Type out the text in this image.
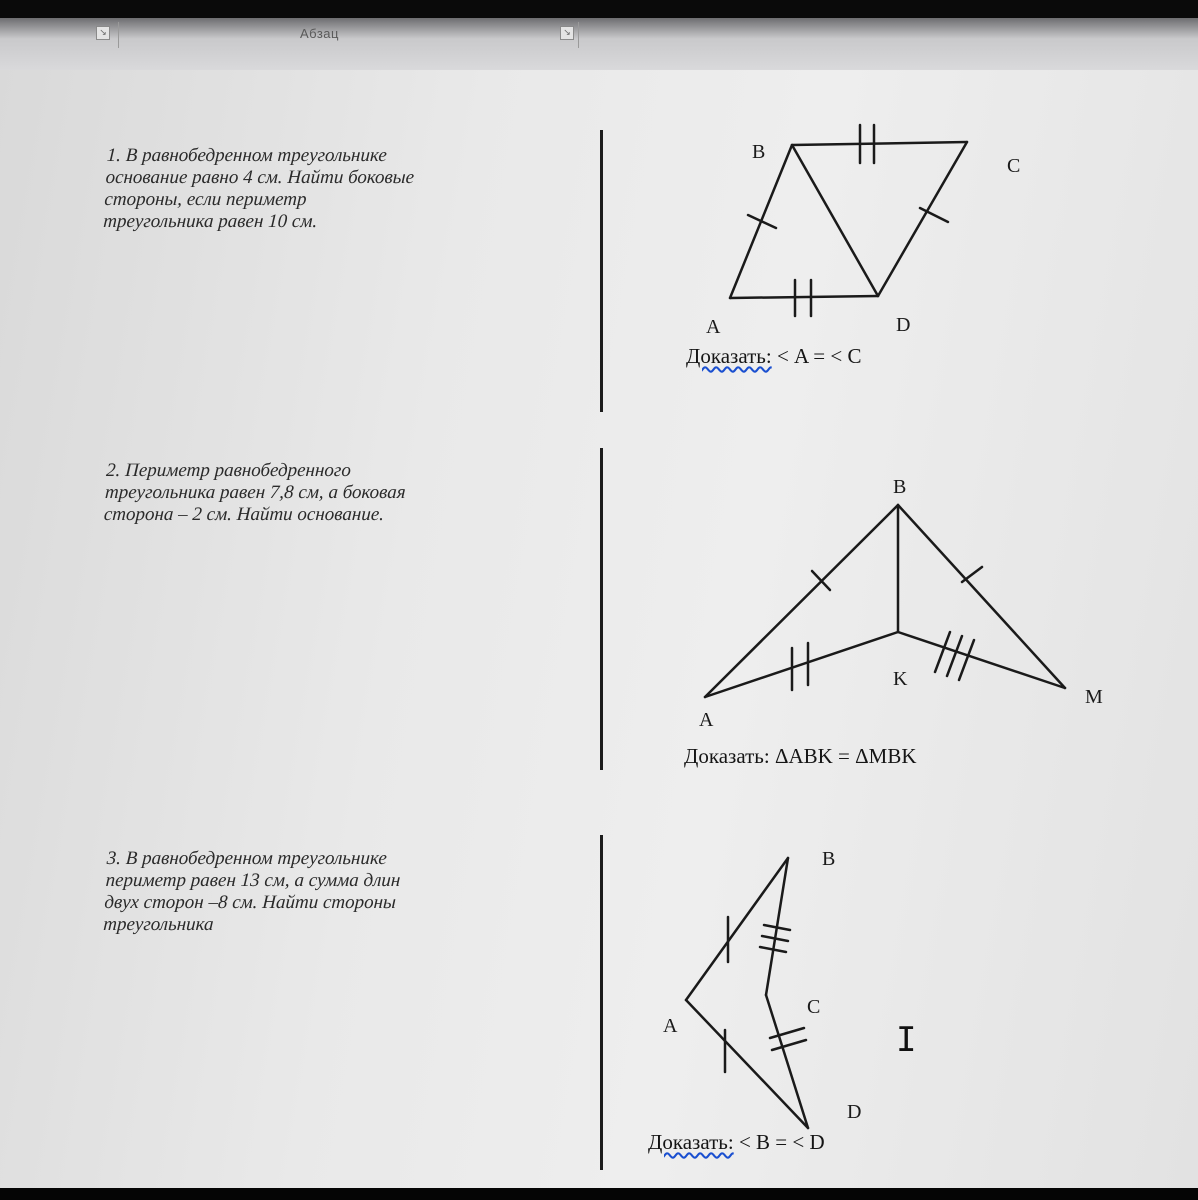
↘	Абзац	↘
1. В равнобедренном треугольнике
основание равно 4 см. Найти боковые
стороны, если периметр
треугольника равен 10 см.
2. Периметр равнобедренного
треугольника равен 7,8 см, а боковая
сторона – 2 см. Найти основание.
3. В равнобедренном треугольнике
периметр равен 13 см, а сумма длин
двух сторон –8 см. Найти стороны
треугольника
B
C
A	D
B
K
M
A
B
C
A
D
Доказать: < A = < C
Доказать: ΔABK = ΔMBK
Доказать: < B = < D
I
